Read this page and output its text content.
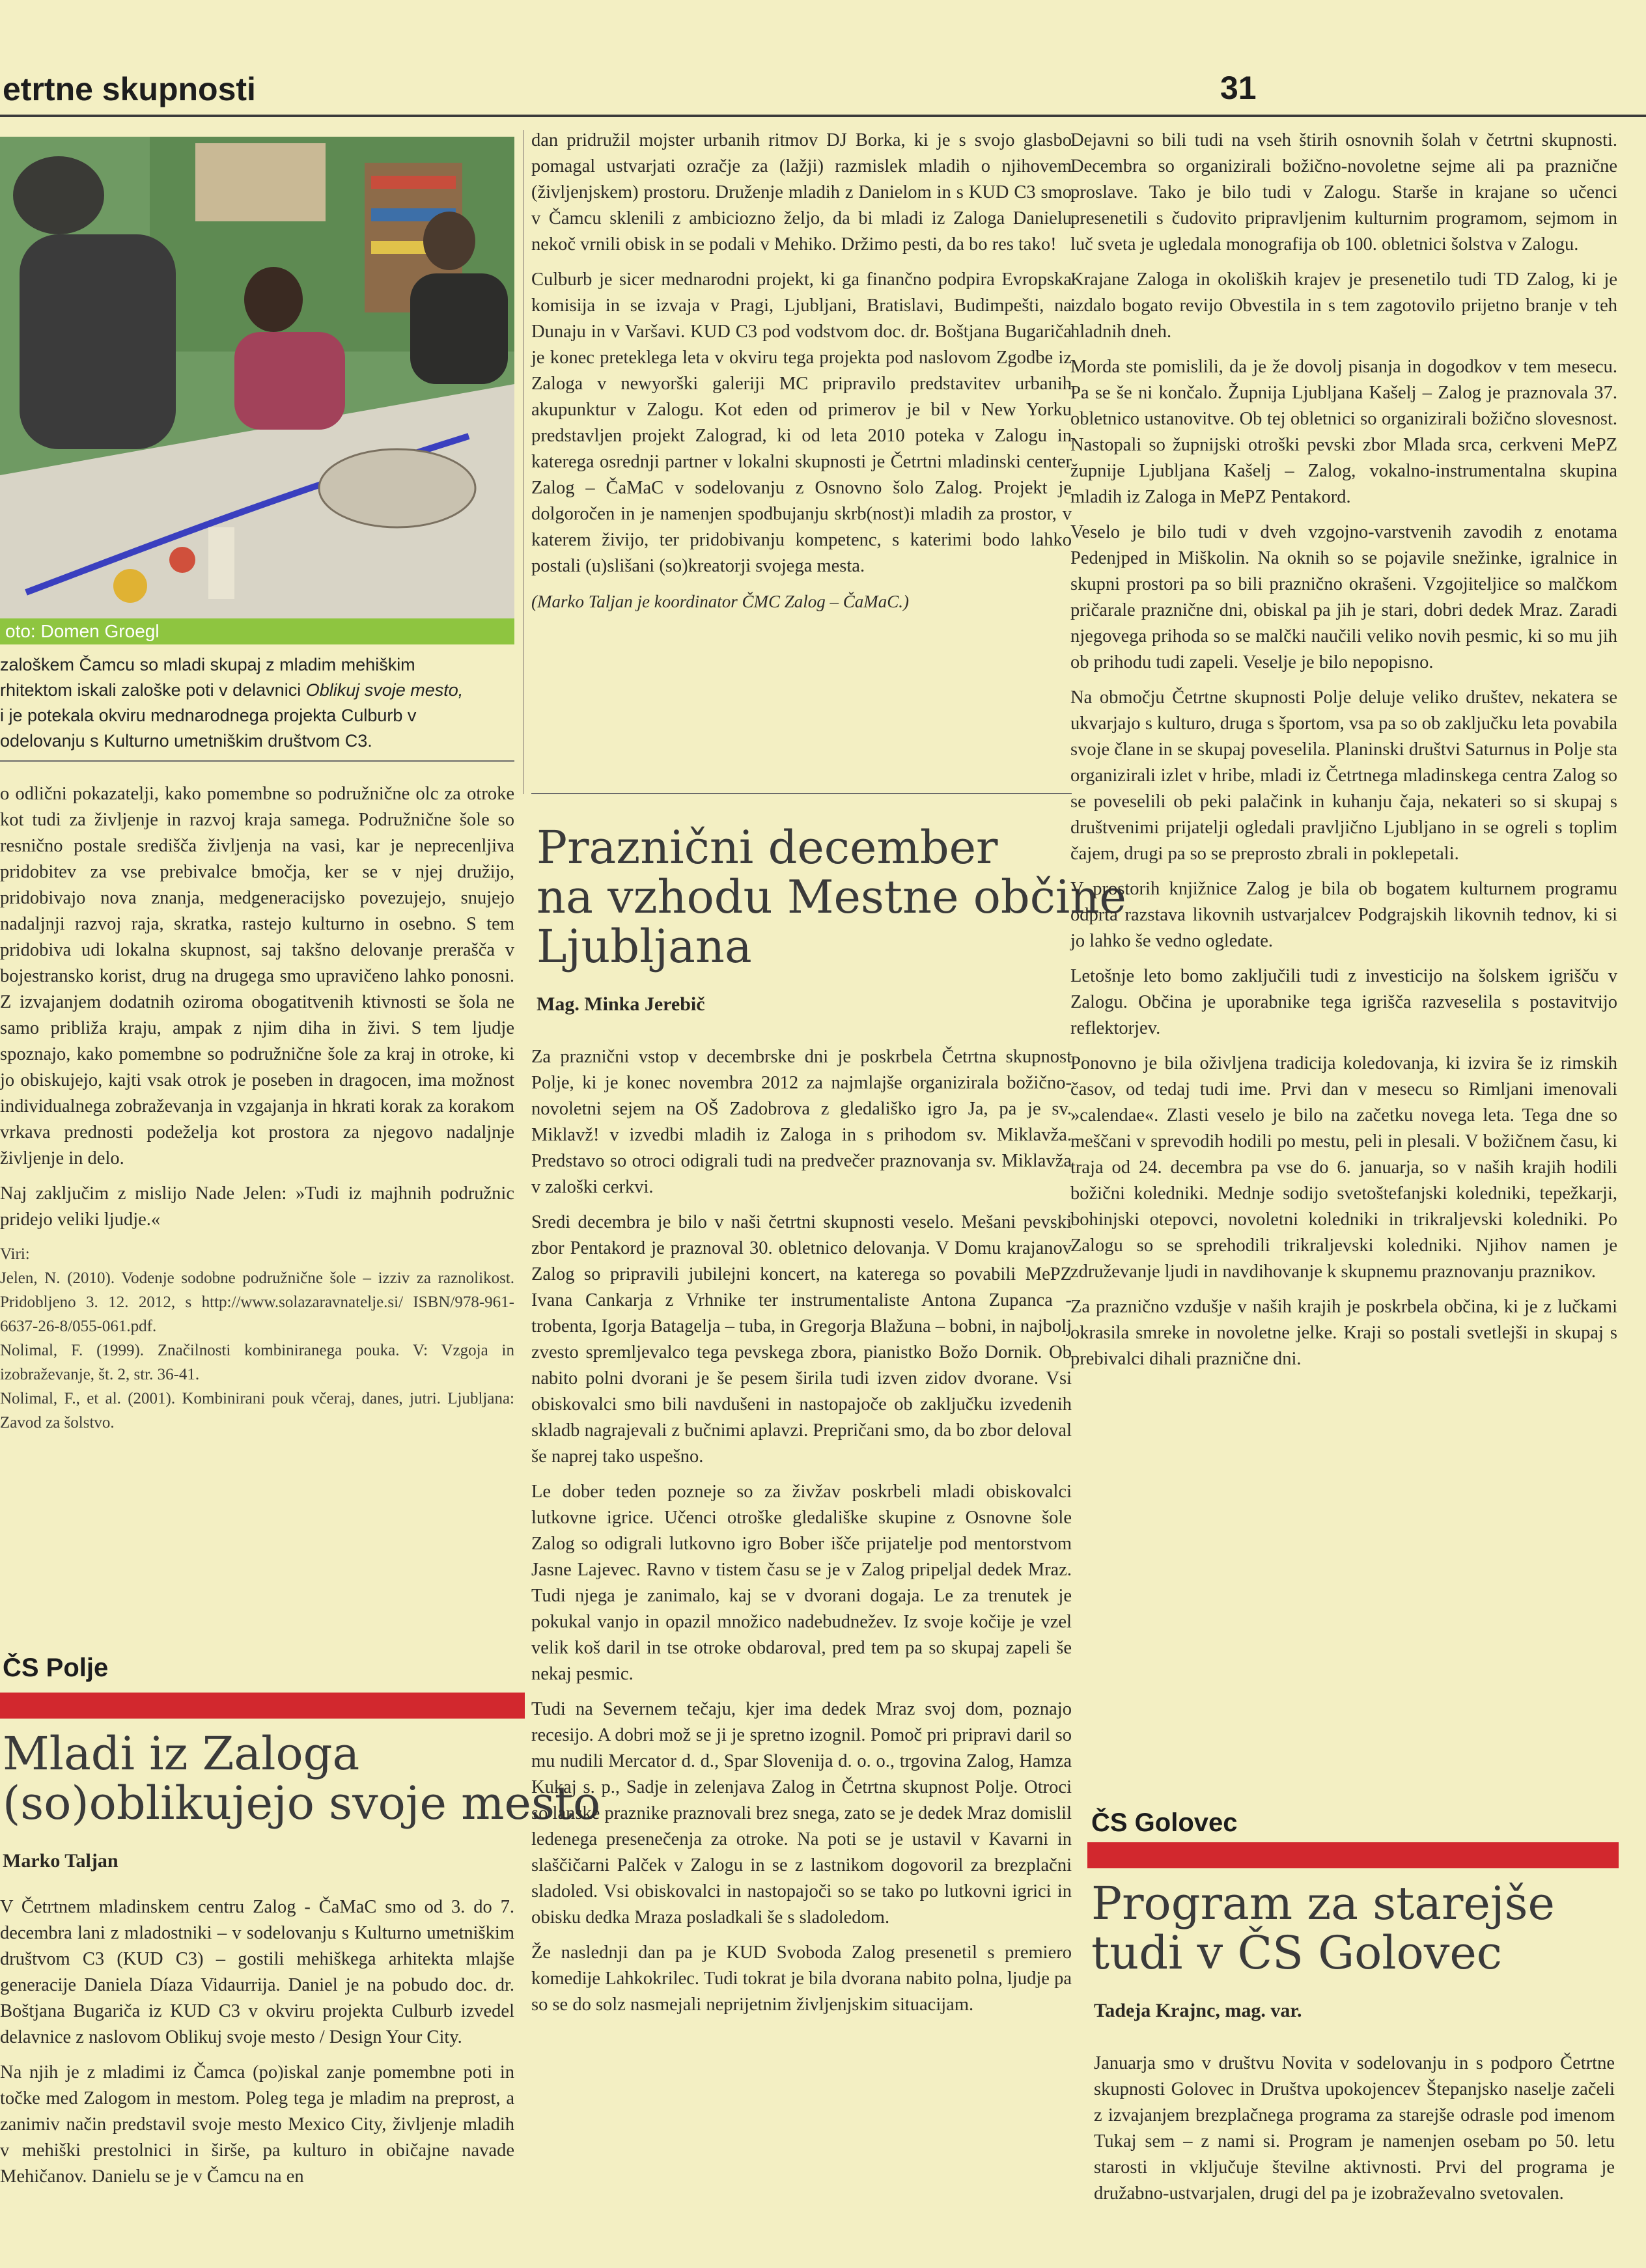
etrtne skupnosti	31
oto: Domen Groegl
zaloškem Čamcu so mladi skupaj z mladim mehiškim
rhitektom iskali zaloške poti v delavnici Oblikuj svoje mesto,
i je potekala okviru mednarodnega projekta Culburb v
odelovanju s Kulturno umetniškim društvom C3.

o odlični pokazatelji, kako pomembne so podružnične olc za otroke kot tudi za življenje in razvoj kraja samega. Podružnične šole so resnično postale središča življenja na vasi, kar je neprecenljiva pridobitev za vse prebivalce bmočja, ker se v njej družijo, pridobivajo nova znanja, medgeneracijsko povezujejo, snujejo nadaljnji razvoj raja, skratka, rastejo kulturno in osebno. S tem pridobiva udi lokalna skupnost, saj takšno delovanje prerašča v bojestransko korist, drug na drugega smo upravičeno lahko ponosni. Z izvajanjem dodatnih oziroma obogatitvenih ktivnosti se šola ne samo približa kraju, ampak z njim diha in živi. S tem ljudje spoznajo, kako pomembne so podružnične šole za kraj in otroke, ki jo obiskujejo, kajti vsak otrok je poseben in dragocen, ima možnost individualnega zobraževanja in vzgajanja in hkrati korak za korakom vrkava prednosti podeželja kot prostora za njegovo nadaljnje življenje in delo.

Naj zaključim z mislijo Nade Jelen: »Tudi iz majhnih podružnic pridejo veliki ljudje.«

Viri:

Jelen, N. (2010). Vodenje sodobne podružnične šole – izziv za raznolikost. Pridobljeno 3. 12. 2012, s http://www.solazaravnatelje.si/ ISBN/978-961-6637-26-8/055-061.pdf.

Nolimal, F. (1999). Značilnosti kombiniranega pouka. V: Vzgoja in izobraževanje, št. 2, str. 36-41.

Nolimal, F., et al. (2001). Kombinirani pouk včeraj, danes, jutri. Ljubljana: Zavod za šolstvo.

ČS Polje
Mladi iz Zaloga
(so)oblikujejo svoje mesto
Marko Taljan

V Četrtnem mladinskem centru Zalog - ČaMaC smo od 3. do 7. decembra lani z mladostniki – v sodelovanju s Kulturno umetniškim društvom C3 (KUD C3) – gostili mehiškega arhitekta mlajše generacije Daniela Díaza Vidaurrija. Daniel je na pobudo doc. dr. Boštjana Bugariča iz KUD C3 v okviru projekta Culburb izvedel delavnice z naslovom Oblikuj svoje mesto / Design Your City.

Na njih je z mladimi iz Čamca (po)iskal zanje pomembne poti in točke med Zalogom in mestom. Poleg tega je mladim na preprost, a zanimiv način predstavil svoje mesto Mexico City, življenje mladih v mehiški prestolnici in širše, pa kulturo in običajne navade Mehičanov. Danielu se je v Čamcu na en

dan pridružil mojster urbanih ritmov DJ Borka, ki je s svojo glasbo pomagal ustvarjati ozračje za (lažji) razmislek mladih o njihovem (življenjskem) prostoru. Druženje mladih z Danielom in s KUD C3 smo v Čamcu sklenili z ambiciozno željo, da bi mladi iz Zaloga Danielu nekoč vrnili obisk in se podali v Mehiko. Držimo pesti, da bo res tako!

Culburb je sicer mednarodni projekt, ki ga finančno podpira Evropska komisija in se izvaja v Pragi, Ljubljani, Bratislavi, Budimpešti, na Dunaju in v Varšavi. KUD C3 pod vodstvom doc. dr. Boštjana Bugariča je konec preteklega leta v okviru tega projekta pod naslovom Zgodbe iz Zaloga v newyorški galeriji MC pripravilo predstavitev urbanih akupunktur v Zalogu. Kot eden od primerov je bil v New Yorku predstavljen projekt Zalograd, ki od leta 2010 poteka v Zalogu in katerega osrednji partner v lokalni skupnosti je Četrtni mladinski center Zalog – ČaMaC v sodelovanju z Osnovno šolo Zalog. Projekt je dolgoročen in je namenjen spodbujanju skrb(nost)i mladih za prostor, v katerem živijo, ter pridobivanju kompetenc, s katerimi bodo lahko postali (u)slišani (so)kreatorji svojega mesta.

(Marko Taljan je koordinator ČMC Zalog – ČaMaC.)

Praznični december
na vzhodu Mestne občine
Ljubljana
Mag. Minka Jerebič

Za praznični vstop v decembrske dni je poskrbela Četrtna skupnost Polje, ki je konec novembra 2012 za najmlajše organizirala božično-novoletni sejem na OŠ Zadobrova z gledališko igro Ja, pa je sv. Miklavž! v izvedbi mladih iz Zaloga in s prihodom sv. Miklavža. Predstavo so otroci odigrali tudi na predvečer praznovanja sv. Miklavža v zaloški cerkvi.

Sredi decembra je bilo v naši četrtni skupnosti veselo. Mešani pevski zbor Pentakord je praznoval 30. obletnico delovanja. V Domu krajanov Zalog so pripravili jubilejni koncert, na katerega so povabili MePZ Ivana Cankarja z Vrhnike ter instrumentaliste Antona Zupanca - trobenta, Igorja Batagelja – tuba, in Gregorja Blažuna – bobni, in najbolj zvesto spremljevalco tega pevskega zbora, pianistko Božo Dornik. Ob nabito polni dvorani je še pesem širila tudi izven zidov dvorane. Vsi obiskovalci smo bili navdušeni in nastopajoče ob zaključku izvedenih skladb nagrajevali z bučnimi aplavzi. Prepričani smo, da bo zbor deloval še naprej tako uspešno.

Le dober teden pozneje so za živžav poskrbeli mladi obiskovalci lutkovne igrice. Učenci otroške gledališke skupine z Osnovne šole Zalog so odigrali lutkovno igro Bober išče prijatelje pod mentorstvom Jasne Lajevec. Ravno v tistem času se je v Zalog pripeljal dedek Mraz. Tudi njega je zanimalo, kaj se v dvorani dogaja. Le za trenutek je pokukal vanjo in opazil množico nadebudnežev. Iz svoje kočije je vzel velik koš daril in tse otroke obdaroval, pred tem pa so skupaj zapeli še nekaj pesmic.

Tudi na Severnem tečaju, kjer ima dedek Mraz svoj dom, poznajo recesijo. A dobri mož se ji je spretno izognil. Pomoč pri pripravi daril so mu nudili Mercator d. d., Spar Slovenija d. o. o., trgovina Zalog, Hamza Kukaj s. p., Sadje in zelenjava Zalog in Četrtna skupnost Polje. Otroci so lanske praznike praznovali brez snega, zato se je dedek Mraz domislil ledenega presenečenja za otroke. Na poti se je ustavil v Kavarni in slaščičarni Palček v Zalogu in se z lastnikom dogovoril za brezplačni sladoled. Vsi obiskovalci in nastopajoči so se tako po lutkovni igrici in obisku dedka Mraza posladkali še s sladoledom.

Že naslednji dan pa je KUD Svoboda Zalog presenetil s premiero komedije Lahkokrilec. Tudi tokrat je bila dvorana nabito polna, ljudje pa so se do solz nasmejali neprijetnim življenjskim situacijam.

Dejavni so bili tudi na vseh štirih osnovnih šolah v četrtni skupnosti. Decembra so organizirali božično-novoletne sejme ali pa praznične proslave. Tako je bilo tudi v Zalogu. Starše in krajane so učenci presenetili s čudovito pripravljenim kulturnim programom, sejmom in luč sveta je ugledala monografija ob 100. obletnici šolstva v Zalogu.

Krajane Zaloga in okoliških krajev je presenetilo tudi TD Zalog, ki je izdalo bogato revijo Obvestila in s tem zagotovilo prijetno branje v teh hladnih dneh.

Morda ste pomislili, da je že dovolj pisanja in dogodkov v tem mesecu. Pa se še ni končalo. Župnija Ljubljana Kašelj – Zalog je praznovala 37. obletnico ustanovitve. Ob tej obletnici so organizirali božično slovesnost. Nastopali so župnijski otroški pevski zbor Mlada srca, cerkveni MePZ župnije Ljubljana Kašelj – Zalog, vokalno-instrumentalna skupina mladih iz Zaloga in MePZ Pentakord.

Veselo je bilo tudi v dveh vzgojno-varstvenih zavodih z enotama Pedenjped in Miškolin. Na oknih so se pojavile snežinke, igralnice in skupni prostori pa so bili praznično okrašeni. Vzgojiteljice so malčkom pričarale praznične dni, obiskal pa jih je stari, dobri dedek Mraz. Zaradi njegovega prihoda so se malčki naučili veliko novih pesmic, ki so mu jih ob prihodu tudi zapeli. Veselje je bilo nepopisno.

Na območju Četrtne skupnosti Polje deluje veliko društev, nekatera se ukvarjajo s kulturo, druga s športom, vsa pa so ob zaključku leta povabila svoje člane in se skupaj poveselila. Planinski društvi Saturnus in Polje sta organizirali izlet v hribe, mladi iz Četrtnega mladinskega centra Zalog so se poveselili ob peki palačink in kuhanju čaja, nekateri so si skupaj s društvenimi prijatelji ogledali pravljično Ljubljano in se ogreli s toplim čajem, drugi pa so se preprosto zbrali in poklepetali.

V prostorih knjižnice Zalog je bila ob bogatem kulturnem programu odprta razstava likovnih ustvarjalcev Podgrajskih likovnih tednov, ki si jo lahko še vedno ogledate.

Letošnje leto bomo zaključili tudi z investicijo na šolskem igrišču v Zalogu. Občina je uporabnike tega igrišča razveselila s postavitvijo reflektorjev.

Ponovno je bila oživljena tradicija koledovanja, ki izvira še iz rimskih časov, od tedaj tudi ime. Prvi dan v mesecu so Rimljani imenovali »calendae«. Zlasti veselo je bilo na začetku novega leta. Tega dne so meščani v sprevodih hodili po mestu, peli in plesali. V božičnem času, ki traja od 24. decembra pa vse do 6. januarja, so v naših krajih hodili božični koledniki. Mednje sodijo svetoštefanjski koledniki, tepežkarji, bohinjski otepovci, novoletni koledniki in trikraljevski koledniki. Po Zalogu so se sprehodili trikraljevski koledniki. Njihov namen je združevanje ljudi in navdihovanje k skupnemu praznovanju praznikov.

Za praznično vzdušje v naših krajih je poskrbela občina, ki je z lučkami okrasila smreke in novoletne jelke. Kraji so postali svetlejši in skupaj s prebivalci dihali praznične dni.

ČS Golovec
Program za starejše
tudi v ČS Golovec
Tadeja Krajnc, mag. var.

Januarja smo v društvu Novita v sodelovanju in s podporo Četrtne skupnosti Golovec in Društva upokojencev Štepanjsko naselje začeli z izvajanjem brezplačnega programa za starejše odrasle pod imenom Tukaj sem – z nami si. Program je namenjen osebam po 50. letu starosti in vključuje številne aktivnosti. Prvi del programa je družabno-ustvarjalen, drugi del pa je izobraževalno svetovalen.
